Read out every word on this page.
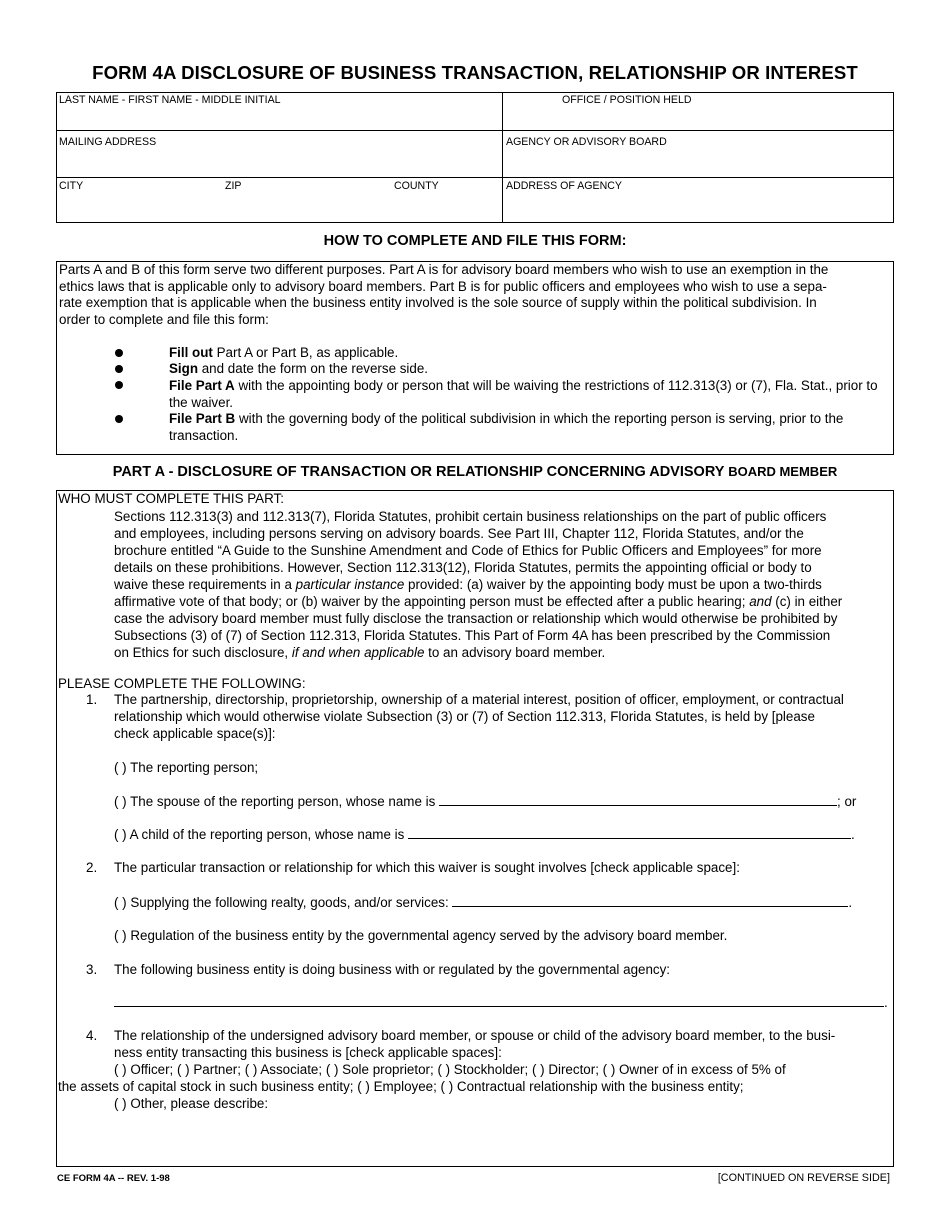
FORM 4A DISCLOSURE OF BUSINESS TRANSACTION, RELATIONSHIP OR INTEREST
LAST NAME - FIRST NAME - MIDDLE INITIAL	OFFICE / POSITION HELD
MAILING ADDRESS	AGENCY OR ADVISORY BOARD
CITY	ZIP	COUNTY	ADDRESS OF AGENCY
HOW TO COMPLETE AND FILE THIS FORM:
Parts A and B of this form serve two different purposes. Part A is for advisory board members who wish to use an exemption in the
ethics laws that is applicable only to advisory board members. Part B is for public officers and employees who wish to use a sepa-
rate exemption that is applicable when the business entity involved is the sole source of supply within the political subdivision. In
order to complete and file this form:
Fill out Part A or Part B, as applicable.
Sign and date the form on the reverse side.
File Part A with the appointing body or person that will be waiving the restrictions of 112.313(3) or (7), Fla. Stat., prior to the waiver.
File Part B with the governing body of the political subdivision in which the reporting person is serving, prior to the transaction.
PART A - DISCLOSURE OF TRANSACTION OR RELATIONSHIP CONCERNING ADVISORY BOARD MEMBER
WHO MUST COMPLETE THIS PART:
Sections 112.313(3) and 112.313(7), Florida Statutes, prohibit certain business relationships on the part of public officers
and employees, including persons serving on advisory boards. See Part III, Chapter 112, Florida Statutes, and/or the
brochure entitled “A Guide to the Sunshine Amendment and Code of Ethics for Public Officers and Employees” for more
details on these prohibitions. However, Section 112.313(12), Florida Statutes, permits the appointing official or body to
waive these requirements in a particular instance provided: (a) waiver by the appointing body must be upon a two-thirds
affirmative vote of that body; or (b) waiver by the appointing person must be effected after a public hearing; and (c) in either
case the advisory board member must fully disclose the transaction or relationship which would otherwise be prohibited by
Subsections (3) of (7) of Section 112.313, Florida Statutes. This Part of Form 4A has been prescribed by the Commission
on Ethics for such disclosure, if and when applicable to an advisory board member.
PLEASE COMPLETE THE FOLLOWING:
1. The partnership, directorship, proprietorship, ownership of a material interest, position of officer, employment, or contractual
relationship which would otherwise violate Subsection (3) or (7) of Section 112.313, Florida Statutes, is held by [please
check applicable space(s)]:
( ) The reporting person;
( ) The spouse of the reporting person, whose name is	; or
( ) A child of the reporting person, whose name is	.
2. The particular transaction or relationship for which this waiver is sought involves [check applicable space]:
( ) Supplying the following realty, goods, and/or services:	.
( ) Regulation of the business entity by the governmental agency served by the advisory board member.
3. The following business entity is doing business with or regulated by the governmental agency:
.
4. The relationship of the undersigned advisory board member, or spouse or child of the advisory board member, to the busi-
ness entity transacting this business is [check applicable spaces]:
( ) Officer; ( ) Partner; ( ) Associate; ( ) Sole proprietor; ( ) Stockholder; ( ) Director; ( ) Owner of in excess of 5% of
the assets of capital stock in such business entity; ( ) Employee; ( ) Contractual relationship with the business entity;
( ) Other, please describe:
CE FORM 4A -- REV. 1-98	[CONTINUED ON REVERSE SIDE]
